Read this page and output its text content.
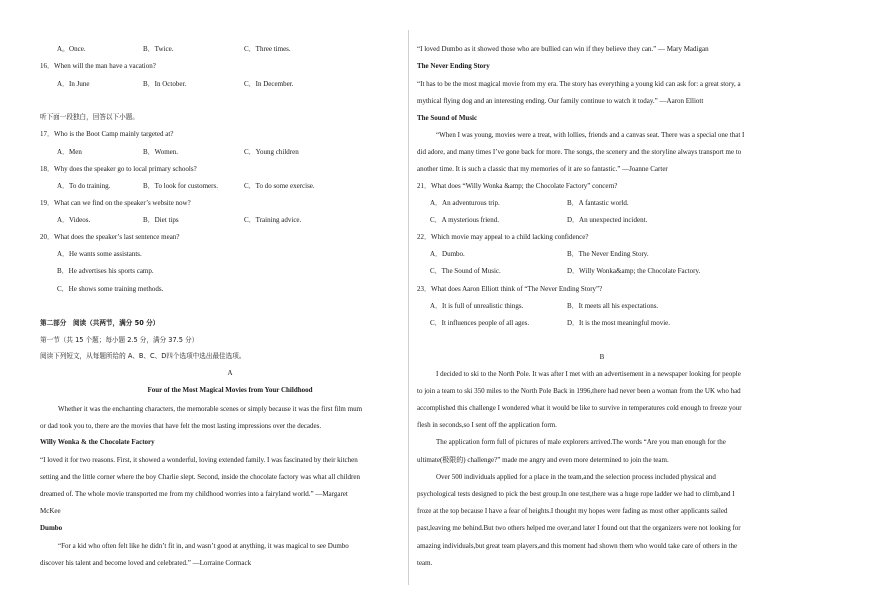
A。Once.	B．Twice.	C．Three times.
16．When will the man have a vacation?
A．In June	B．In October.	C．In December.
听下面一段独白，回答以下小题。
17．Who is the Boot Camp mainly targeted at?
A．Men	B．Women.	C．Young children
18．Why does the speaker go to local primary schools?
A．To do training.	B．To look for customers.	C．To do some exercise.
19．What can we find on the speaker’s website now?
A．Videos.	B．Diet tips	C．Training advice.
20．What does the speaker’s last sentence mean?
A．He wants some assistants.
B．He advertises his sports camp.
C．He shows some training methods.
第二部分　阅读（共两节，满分 50 分）
第一节（共 15 个题；每小题 2.5 分，满分 37.5 分）
阅读下列短文，从每题所给的 A、B、C、D四个选项中选出最佳选项。
A
Four of the Most Magical Movies from Your Childhood
Whether it was the enchanting characters, the memorable scenes or simply because it was the first film mum
or dad took you to, there are the movies that have felt the most lasting impressions over the decades.
Willy Wonka & the Chocolate Factory
“I loved it for two reasons. First, it showed a wonderful, loving extended family. I was fascinated by their kitchen
setting and the little corner where the boy Charlie slept. Second, inside the chocolate factory was what all children
dreamed of. The whole movie transported me from my childhood worries into a fairyland world.” —Margaret
McKee
Dumbo
“For a kid who often felt like he didn’t fit in, and wasn’t good at anything, it was magical to see Dumbo
discover his talent and become loved and celebrated.” —Lorraine Cormack
“I loved Dumbo as it showed those who are bullied can win if they believe they can.” — Mary Madigan
The Never Ending Story
“It has to be the most magical movie from my era. The story has everything a young kid can ask for: a great story, a
mythical flying dog and an interesting ending. Our family continue to watch it today.” —Aaron Elliott
The Sound of Music
“When I was young, movies were a treat, with lollies, friends and a canvas seat. There was a special one that I
did adore, and many times I’ve gone back for more. The songs, the scenery and the storyline always transport me to
another time. It is such a classic that my memories of it are so fantastic.” —Joanne Carter
21．What does “Willy Wonka &amp; the Chocolate Factory” concern?
A．An adventurous trip.	B．A fantastic world.
C．A mysterious friend.	D．An unexpected incident.
22．Which movie may appeal to a child lacking confidence?
A．Dumbo.	B．The Never Ending Story.
C．The Sound of Music.	D．Willy Wonka&amp; the Chocolate Factory.
23．What does Aaron Elliott think of “The Never Ending Story”?
A．It is full of unrealistic things.	B．It meets all his expectations.
C．It influences people of all ages.	D．It is the most meaningful movie.
B
I decided to ski to the North Pole. It was after I met with an advertisement in a newspaper looking for people
to join a team to ski 350 miles to the North Pole Back in 1996,there had never been a woman from the UK who had
accomplished this challenge I wondered what it would be like to survive in temperatures cold enough to freeze your
flesh in seconds,so I sent off the application form.
The application form full of pictures of male explorers arrived.The words “Are you man enough for the
ultimate(极限的) challenge?” made me angry and even more determined to join the team.
Over 500 individuals applied for a place in the team,and the selection process included physical and
psychological tests designed to pick the best group.In one test,there was a huge rope ladder we had to climb,and I
froze at the top because I have a fear of heights.I thought my hopes were fading as most other applicants sailed
past,leaving me behind.But two others helped me over,and later I found out that the organizers were not looking for
amazing individuals,but great team players,and this moment had shown them who would take care of others in the
team.
